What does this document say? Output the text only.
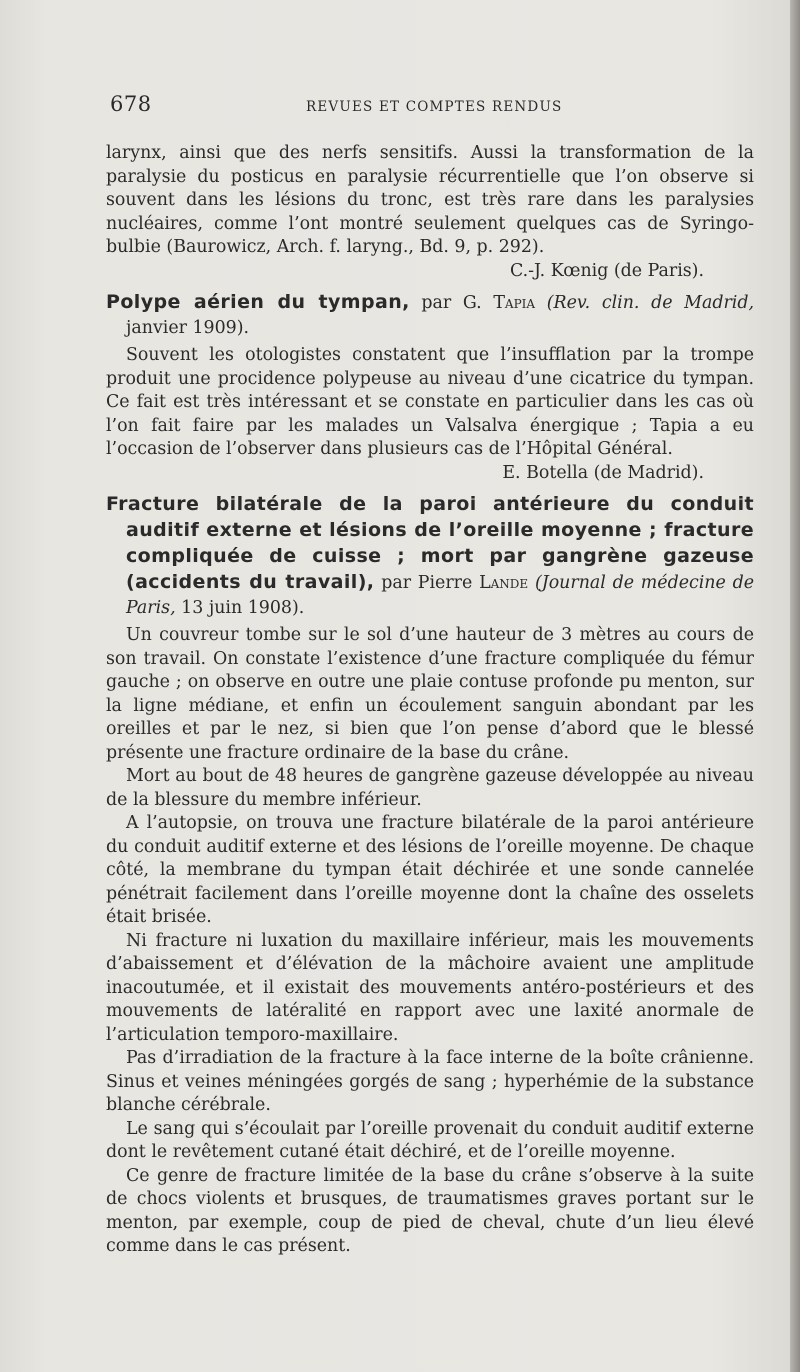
678	REVUES ET COMPTES RENDUS

larynx, ainsi que des nerfs sensitifs. Aussi la transformation de la paralysie du posticus en paralysie récurrentielle que l’on observe si souvent dans les lésions du tronc, est très rare dans les paralysies nucléaires, comme l’ont montré seulement quelques cas de Syringo-bulbie (Baurowicz, Arch. f. laryng., Bd. 9, p. 292).

C.-J. Kœnig (de Paris).

Polype aérien du tympan, par G. Tapia (Rev. clin. de Madrid, janvier 1909).

Souvent les otologistes constatent que l’insufflation par la trompe produit une procidence polypeuse au niveau d’une cicatrice du tympan. Ce fait est très intéressant et se constate en particulier dans les cas où l’on fait faire par les malades un Valsalva énergique ; Tapia a eu l’occasion de l’observer dans plusieurs cas de l’Hôpital Général.

E. Botella (de Madrid).

Fracture bilatérale de la paroi antérieure du conduit auditif externe et lésions de l’oreille moyenne ; fracture compliquée de cuisse ; mort par gangrène gazeuse (accidents du travail), par Pierre Lande (Journal de médecine de Paris, 13 juin 1908).

Un couvreur tombe sur le sol d’une hauteur de 3 mètres au cours de son travail. On constate l’existence d’une fracture compliquée du fémur gauche ; on observe en outre une plaie contuse profonde pu menton, sur la ligne médiane, et enfin un écoulement sanguin abondant par les oreilles et par le nez, si bien que l’on pense d’abord que le blessé présente une fracture ordinaire de la base du crâne.

Mort au bout de 48 heures de gangrène gazeuse développée au niveau de la blessure du membre inférieur.

A l’autopsie, on trouva une fracture bilatérale de la paroi antérieure du conduit auditif externe et des lésions de l’oreille moyenne. De chaque côté, la membrane du tympan était déchirée et une sonde cannelée pénétrait facilement dans l’oreille moyenne dont la chaîne des osselets était brisée.

Ni fracture ni luxation du maxillaire inférieur, mais les mouvements d’abaissement et d’élévation de la mâchoire avaient une amplitude inacoutumée, et il existait des mouvements antéro-postérieurs et des mouvements de latéralité en rapport avec une laxité anormale de l’articulation temporo-maxillaire.

Pas d’irradiation de la fracture à la face interne de la boîte crânienne. Sinus et veines méningées gorgés de sang ; hyperhémie de la substance blanche cérébrale.

Le sang qui s’écoulait par l’oreille provenait du conduit auditif externe dont le revêtement cutané était déchiré, et de l’oreille moyenne.

Ce genre de fracture limitée de la base du crâne s’observe à la suite de chocs violents et brusques, de traumatismes graves portant sur le menton, par exemple, coup de pied de cheval, chute d’un lieu élevé comme dans le cas présent.
